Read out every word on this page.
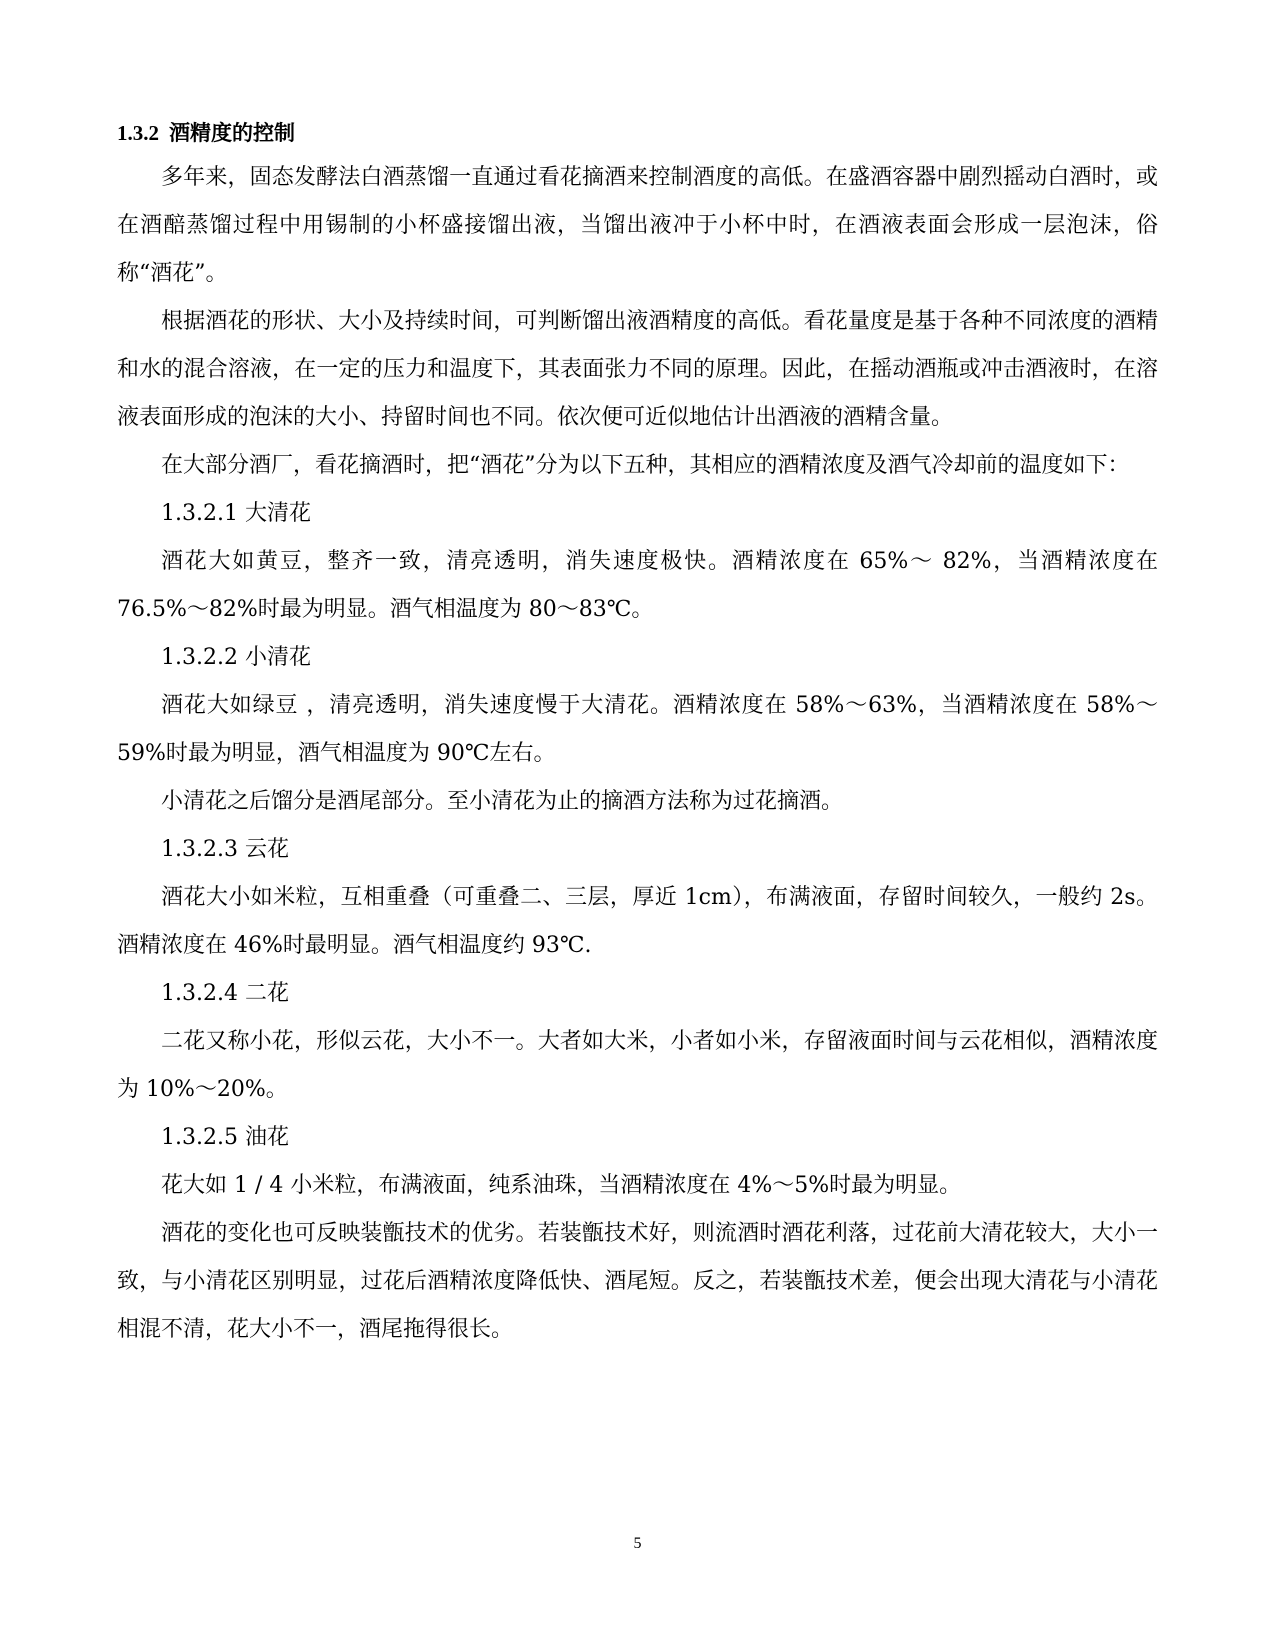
1.3.2 酒精度的控制

多年来，固态发酵法白酒蒸馏一直通过看花摘酒来控制酒度的高低。在盛酒容器中剧烈摇动白酒时，或在酒醅蒸馏过程中用锡制的小杯盛接馏出液，当馏出液冲于小杯中时，在酒液表面会形成一层泡沫，俗称“酒花”。

根据酒花的形状、大小及持续时间，可判断馏出液酒精度的高低。看花量度是基于各种不同浓度的酒精和水的混合溶液，在一定的压力和温度下，其表面张力不同的原理。因此，在摇动酒瓶或冲击酒液时，在溶液表面形成的泡沫的大小、持留时间也不同。依次便可近似地估计出酒液的酒精含量。

在大部分酒厂，看花摘酒时，把“酒花”分为以下五种，其相应的酒精浓度及酒气冷却前的温度如下：

1.3.2.1 大清花

酒花大如黄豆，整齐一致，清亮透明，消失速度极快。酒精浓度在 65%～ 82%，当酒精浓度在 76.5%～82%时最为明显。酒气相温度为 80～83℃。

1.3.2.2 小清花

酒花大如绿豆 ，清亮透明，消失速度慢于大清花。酒精浓度在 58%～63%，当酒精浓度在 58%～59%时最为明显，酒气相温度为 90℃左右。

小清花之后馏分是酒尾部分。至小清花为止的摘酒方法称为过花摘酒。

1.3.2.3 云花

酒花大小如米粒，互相重叠（可重叠二、三层，厚近 1cm），布满液面，存留时间较久，一般约 2s。酒精浓度在 46%时最明显。酒气相温度约 93℃.

1.3.2.4 二花

二花又称小花，形似云花，大小不一。大者如大米，小者如小米，存留液面时间与云花相似，酒精浓度为 10%～20%。

1.3.2.5 油花

花大如 1 / 4 小米粒，布满液面，纯系油珠，当酒精浓度在 4%～5%时最为明显。

酒花的变化也可反映装甑技术的优劣。若装甑技术好，则流酒时酒花利落，过花前大清花较大，大小一致，与小清花区别明显，过花后酒精浓度降低快、酒尾短。反之，若装甑技术差，便会出现大清花与小清花相混不清，花大小不一，酒尾拖得很长。

5
